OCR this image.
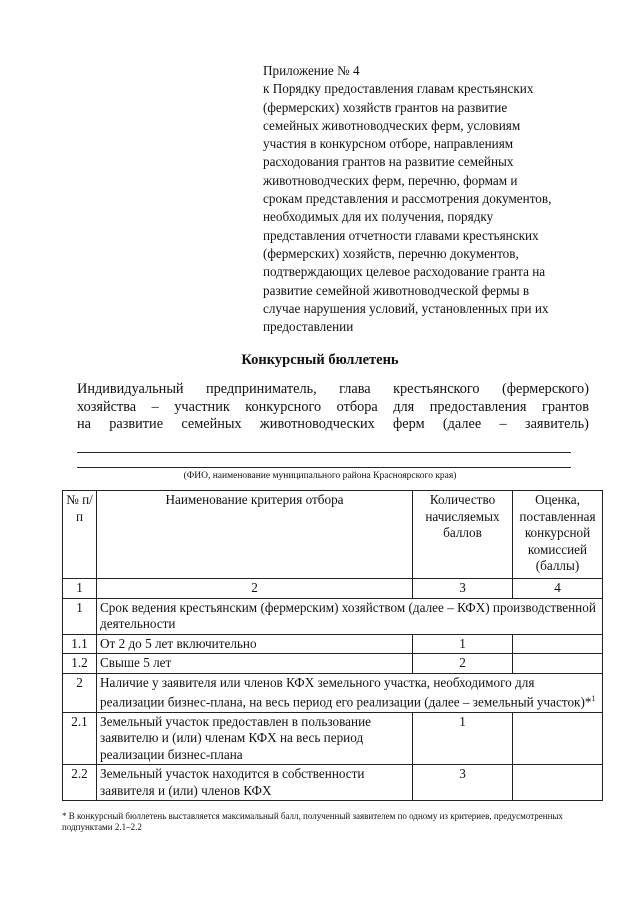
Приложение № 4
к Порядку предоставления главам крестьянских
(фермерских) хозяйств грантов на развитие
семейных животноводческих ферм, условиям
участия в конкурсном отборе, направлениям
расходования грантов на развитие семейных
животноводческих ферм, перечню, формам и
срокам представления и рассмотрения документов,
необходимых для их получения, порядку
представления отчетности главами крестьянских
(фермерских) хозяйств, перечню документов,
подтверждающих целевое расходование гранта на
развитие семейной животноводческой фермы в
случае нарушения условий, установленных при их
предоставлении
Конкурсный бюллетень
Индивидуальный предприниматель, глава крестьянского (фермерского)
хозяйства – участник конкурсного отбора для предоставления грантов
на развитие семейных животноводческих ферм (далее – заявитель)
(ФИО, наименование муниципального района Красноярского края)
№ п/п	Наименование критерия отбора	Количество начисляемых баллов	Оценка, поставленная конкурсной комиссией (баллы)
1	2	3	4
1	Срок ведения крестьянским (фермерским) хозяйством (далее – КФХ) производственной деятельности		
1.1	От 2 до 5 лет включительно	1	
1.2	Свыше 5 лет	2	
2	Наличие у заявителя или членов КФХ земельного участка, необходимого для реализации бизнес-плана, на весь период его реализации (далее – земельный участок)*$^1$
2.1	Земельный участок предоставлен в пользование заявителю и (или) членам КФХ на весь период реализации бизнес-плана	1	
2.2	Земельный участок находится в собственности заявителя и (или) членов КФХ	3	
* В конкурсный бюллетень выставляется максимальный балл, полученный заявителем по одному из критериев, предусмотренных подпунктами 2.1–2.2
